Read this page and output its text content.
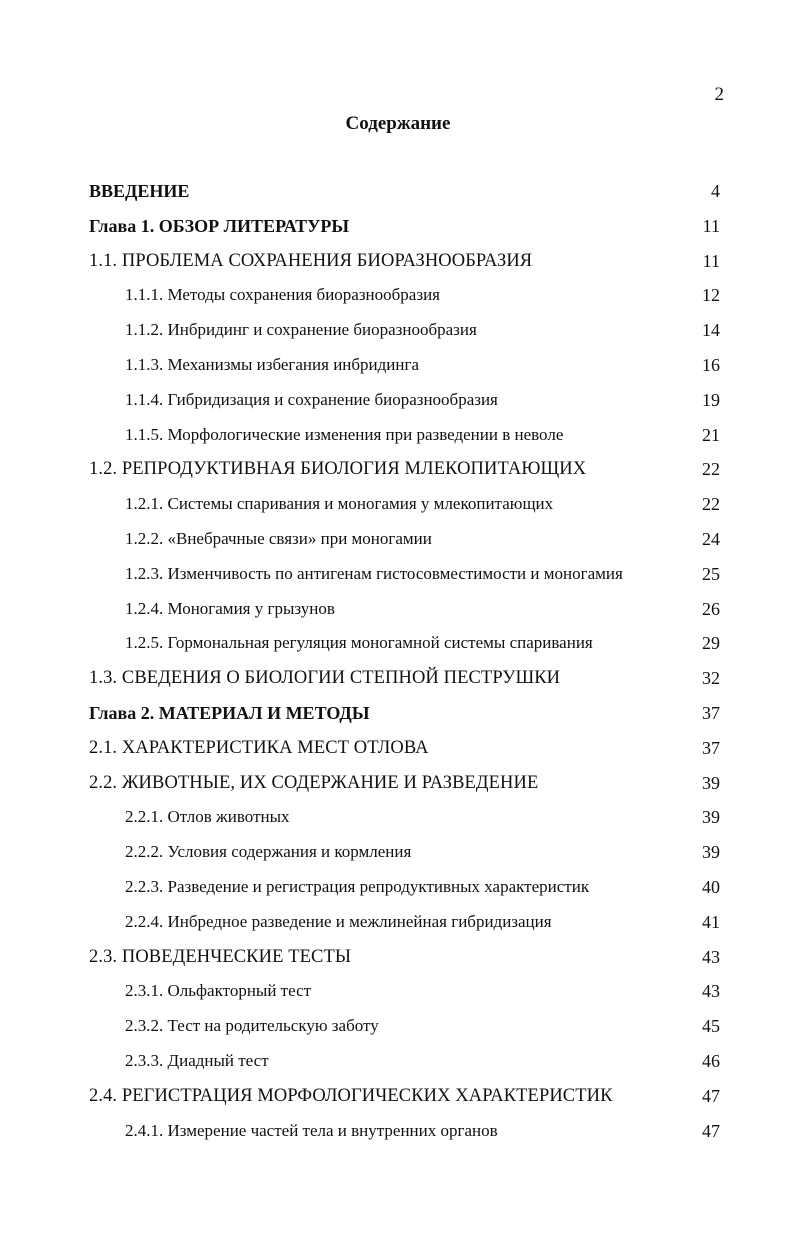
2
Содержание
ВВЕДЕНИЕ	4
Глава 1. ОБЗОР ЛИТЕРАТУРЫ	11
1.1. ПРОБЛЕМА СОХРАНЕНИЯ БИОРАЗНООБРАЗИЯ	11
1.1.1. Методы сохранения биоразнообразия	12
1.1.2. Инбридинг и сохранение биоразнообразия	14
1.1.3. Механизмы избегания инбридинга	16
1.1.4. Гибридизация и сохранение биоразнообразия	19
1.1.5. Морфологические изменения при разведении в неволе	21
1.2. РЕПРОДУКТИВНАЯ БИОЛОГИЯ МЛЕКОПИТАЮЩИХ	22
1.2.1. Системы спаривания и моногамия у млекопитающих	22
1.2.2. «Внебрачные связи» при моногамии	24
1.2.3. Изменчивость по антигенам гистосовместимости и моногамия	25
1.2.4. Моногамия у грызунов	26
1.2.5. Гормональная регуляция моногамной системы спаривания	29
1.3. СВЕДЕНИЯ О БИОЛОГИИ СТЕПНОЙ ПЕСТРУШКИ	32
Глава 2. МАТЕРИАЛ И МЕТОДЫ	37
2.1. ХАРАКТЕРИСТИКА МЕСТ ОТЛОВА	37
2.2. ЖИВОТНЫЕ, ИХ СОДЕРЖАНИЕ И РАЗВЕДЕНИЕ	39
2.2.1. Отлов животных	39
2.2.2. Условия содержания и кормления	39
2.2.3. Разведение и регистрация репродуктивных характеристик	40
2.2.4. Инбредное разведение и межлинейная гибридизация	41
2.3. ПОВЕДЕНЧЕСКИЕ ТЕСТЫ	43
2.3.1. Ольфакторный тест	43
2.3.2. Тест на родительскую заботу	45
2.3.3. Диадный тест	46
2.4. РЕГИСТРАЦИЯ МОРФОЛОГИЧЕСКИХ ХАРАКТЕРИСТИК	47
2.4.1. Измерение частей тела и внутренних органов	47
